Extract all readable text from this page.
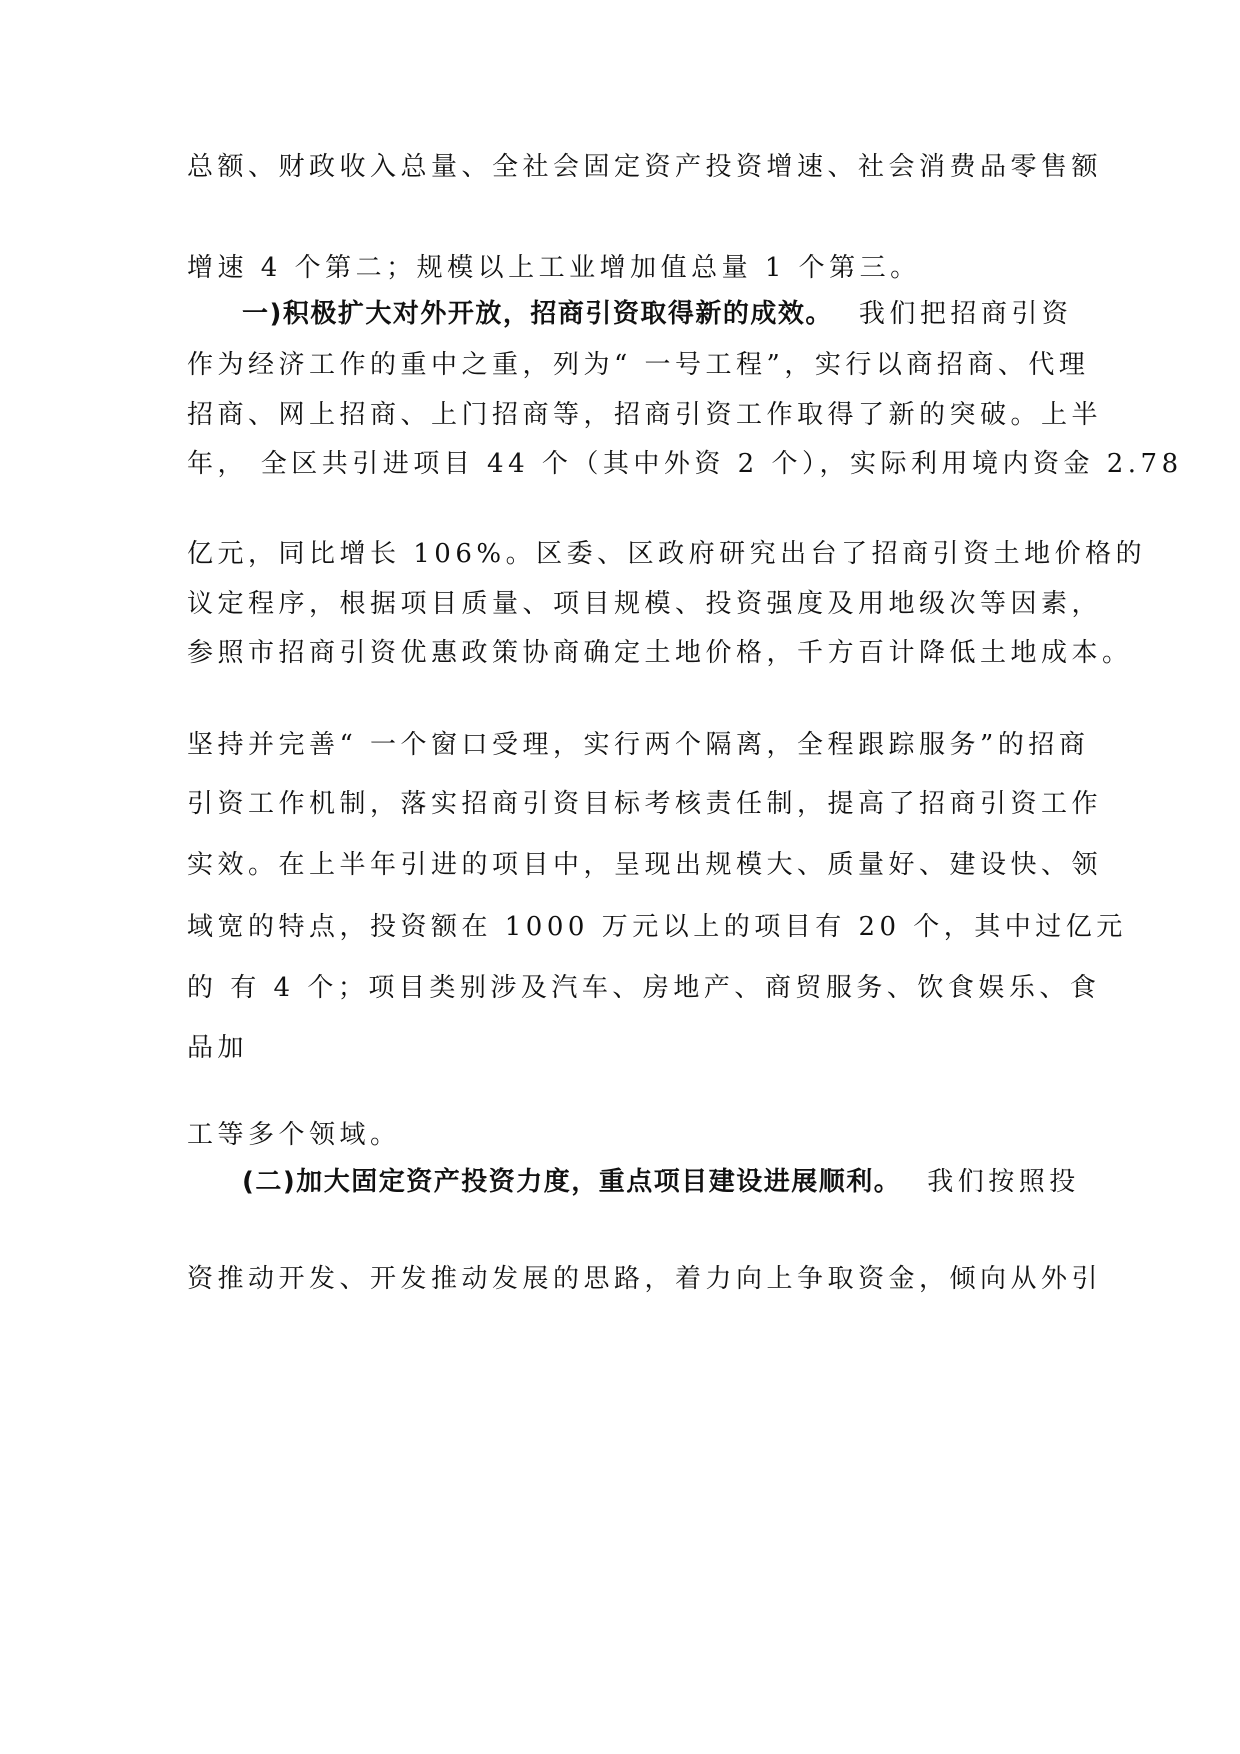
总额、财政收入总量、全社会固定资产投资增速、社会消费品零售额
增速 4 个第二；规模以上工业增加值总量 1 个第三。
一)积极扩大对外开放，招商引资取得新的成效。 我们把招商引资
作为经济工作的重中之重，列为“ 一号工程”，实行以商招商、代理
招商、网上招商、上门招商等，招商引资工作取得了新的突破。上半
年， 全区共引进项目 44 个（其中外资 2 个），实际利用境内资金 2.78
亿元，同比增长 106%。区委、区政府研究出台了招商引资土地价格的
议定程序，根据项目质量、项目规模、投资强度及用地级次等因素，
参照市招商引资优惠政策协商确定土地价格，千方百计降低土地成本。
坚持并完善“ 一个窗口受理，实行两个隔离，全程跟踪服务”的招商
引资工作机制，落实招商引资目标考核责任制，提高了招商引资工作
实效。在上半年引进的项目中，呈现出规模大、质量好、建设快、领
域宽的特点，投资额在 1000 万元以上的项目有 20 个，其中过亿元
的 有 4 个；项目类别涉及汽车、房地产、商贸服务、饮食娱乐、食
品加
工等多个领域。
(二)加大固定资产投资力度，重点项目建设进展顺利。 我们按照投
资推动开发、开发推动发展的思路，着力向上争取资金，倾向从外引
